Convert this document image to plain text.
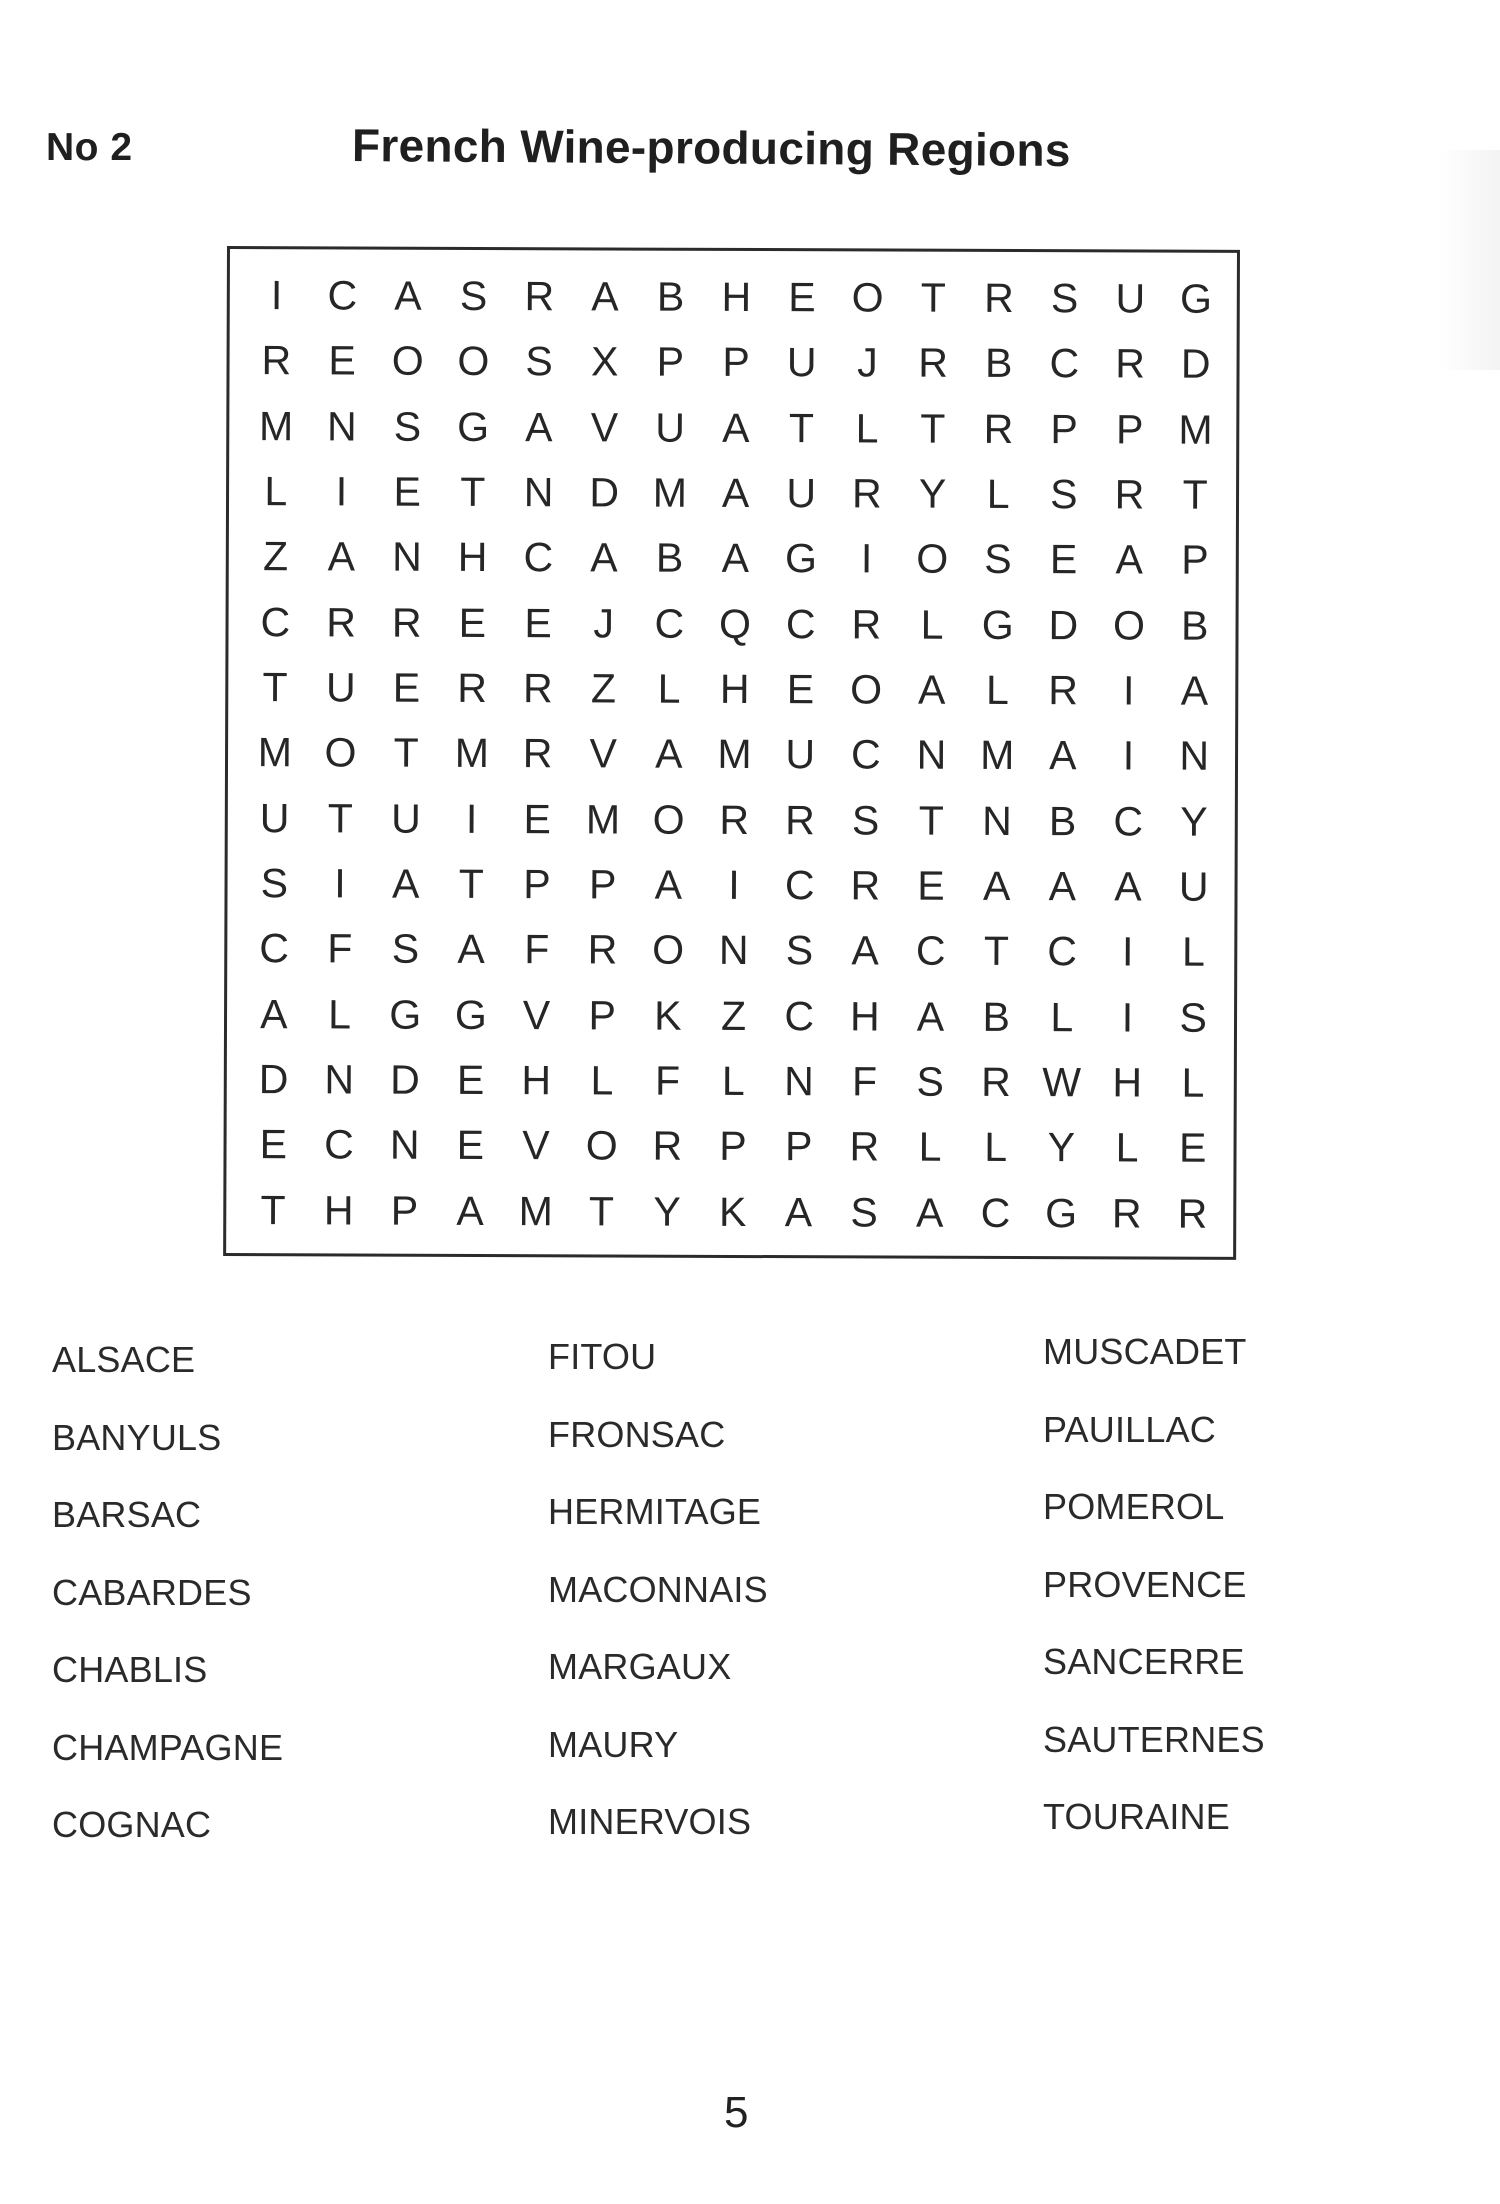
No 2	French Wine-producing Regions
I	C A S R A B H E O T R S U G
R E O O S X P P U J R B C R D
M N S G A V U A T	L	T R P P M
L	I	E T N D M A U R Y L S R T
Z A N H C A B A G	I	O S E A P
C R R E E	J C Q C R L G D O B
T U E R R Z	L H E O A L R	I	A
M O T M R V A M U C N M A	I	N
U T U	I	E M O R R S T N B C Y
S	I	A T P P A	I	C R E A A A U
C F S A F R O N S A C T C	I	L
A L G G V P K Z C H A B L	I	S
D N D E H L	F	L N F S R W H L
E C N E V O R P P R L	L Y L E
T H P A M T Y K A S A C G R R
ALSACE
BANYULS
BARSAC
CABARDES
CHABLIS
CHAMPAGNE
COGNAC
FITOU
FRONSAC
HERMITAGE
MACONNAIS
MARGAUX
MAURY
MINERVOIS
MUSCADET
PAUILLAC
POMEROL
PROVENCE
SANCERRE
SAUTERNES
TOURAINE
5
